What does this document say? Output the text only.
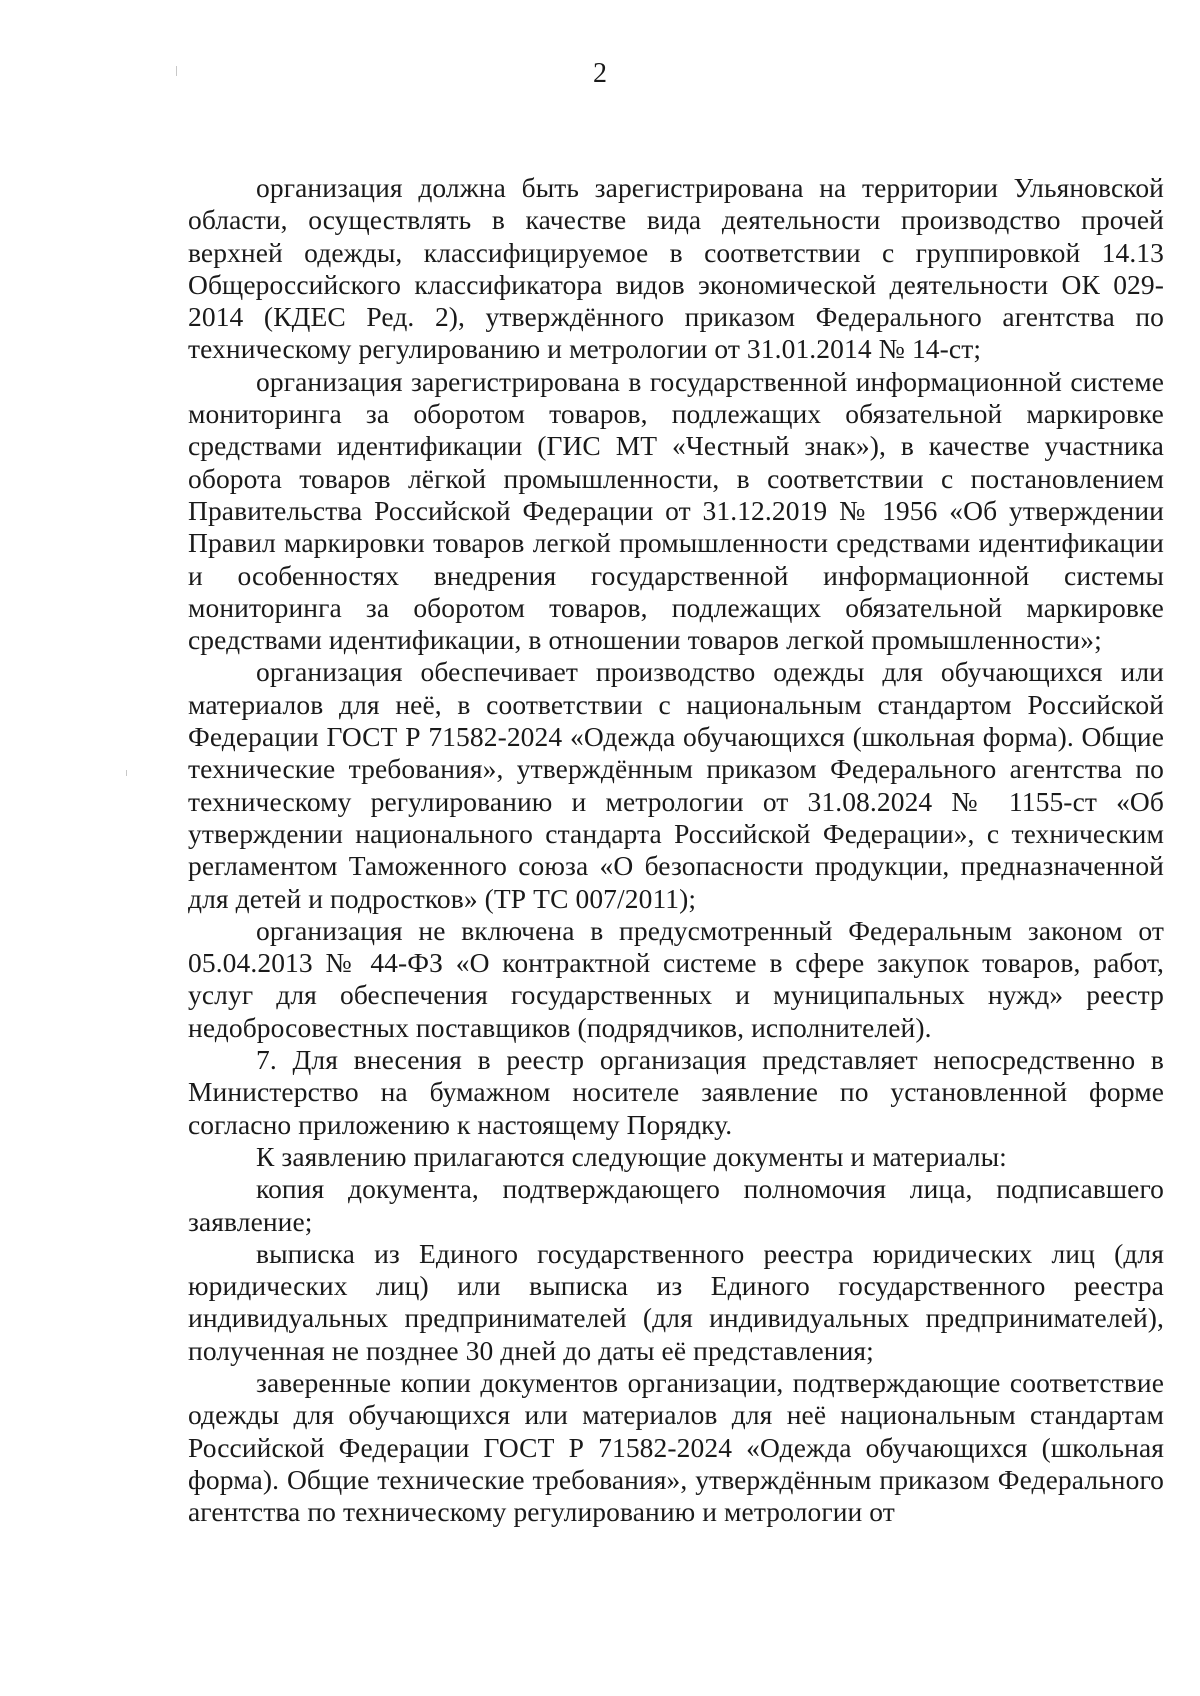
2

организация должна быть зарегистрирована на территории Ульяновской области, осуществлять в качестве вида деятельности производство прочей верхней одежды, классифицируемое в соответствии с группировкой 14.13 Общероссийского классификатора видов экономической деятельности ОК 029-2014 (КДЕС Ред. 2), утверждённого приказом Федерального агентства по техническому регулированию и метрологии от 31.01.2014 № 14-ст;

организация зарегистрирована в государственной информационной системе мониторинга за оборотом товаров, подлежащих обязательной маркировке средствами идентификации (ГИС МТ «Честный знак»), в качестве участника оборота товаров лёгкой промышленности, в соответствии с постановлением Правительства Российской Федерации от 31.12.2019 № 1956 «Об утверждении Правил маркировки товаров легкой промышленности средствами идентификации и особенностях внедрения государственной информационной системы мониторинга за оборотом товаров, подлежащих обязательной маркировке средствами идентификации, в отношении товаров легкой промышленности»;

организация обеспечивает производство одежды для обучающихся или материалов для неё, в соответствии с национальным стандартом Российской Федерации ГОСТ Р 71582-2024 «Одежда обучающихся (школьная форма). Общие технические требования», утверждённым приказом Федерального агентства по техническому регулированию и метрологии от 31.08.2024 № 1155-ст «Об утверждении национального стандарта Российской Федерации», с техническим регламентом Таможенного союза «О безопасности продукции, предназначенной для детей и подростков» (ТР ТС 007/2011);

организация не включена в предусмотренный Федеральным законом от 05.04.2013 № 44-ФЗ «О контрактной системе в сфере закупок товаров, работ, услуг для обеспечения государственных и муниципальных нужд» реестр недобросовестных поставщиков (подрядчиков, исполнителей).

7. Для внесения в реестр организация представляет непосредственно в Министерство на бумажном носителе заявление по установленной форме согласно приложению к настоящему Порядку.

К заявлению прилагаются следующие документы и материалы:

копия документа, подтверждающего полномочия лица, подписавшего заявление;

выписка из Единого государственного реестра юридических лиц (для юридических лиц) или выписка из Единого государственного реестра индивидуальных предпринимателей (для индивидуальных предпринимателей), полученная не позднее 30 дней до даты её представления;

заверенные копии документов организации, подтверждающие соответствие одежды для обучающихся или материалов для неё национальным стандартам Российской Федерации ГОСТ Р 71582-2024 «Одежда обучающихся (школьная форма). Общие технические требования», утверждённым приказом Федерального агентства по техническому регулированию и метрологии от
